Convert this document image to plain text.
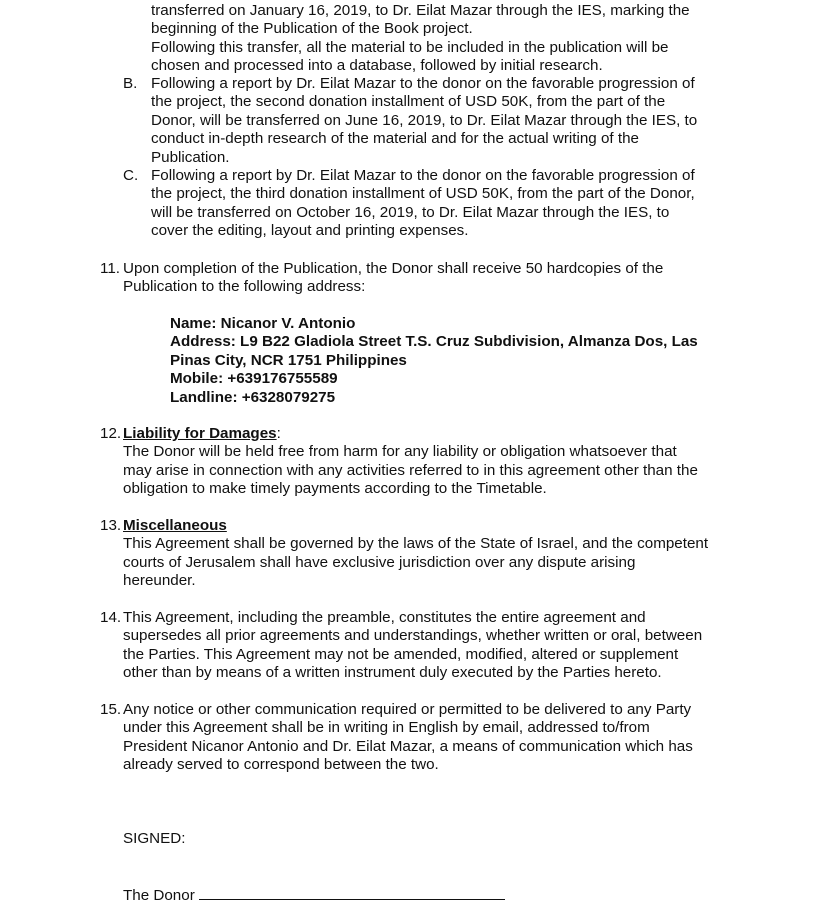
transferred on January 16, 2019, to Dr. Eilat Mazar through the IES, marking the

beginning of the Publication of the Book project.

Following this transfer, all the material to be included in the publication will be

chosen and processed into a database, followed by initial research.

B. Following a report by Dr. Eilat Mazar to the donor on the favorable progression of

the project, the second donation installment of USD 50K, from the part of the

Donor, will be transferred on June 16, 2019, to Dr. Eilat Mazar through the IES, to

conduct in-depth research of the material and for the actual writing of the

Publication.

C. Following a report by Dr. Eilat Mazar to the donor on the favorable progression of

the project, the third donation installment of USD 50K, from the part of the Donor,

will be transferred on October 16, 2019, to Dr. Eilat Mazar through the IES, to

cover the editing, layout and printing expenses.

11. Upon completion of the Publication, the Donor shall receive 50 hardcopies of the

Publication to the following address:

Name: Nicanor V. Antonio

Address: L9 B22 Gladiola Street T.S. Cruz Subdivision, Almanza Dos, Las

Pinas City, NCR 1751 Philippines

Mobile: +639176755589

Landline: +6328079275

12. Liability for Damages:

The Donor will be held free from harm for any liability or obligation whatsoever that

may arise in connection with any activities referred to in this agreement other than the

obligation to make timely payments according to the Timetable.

13. Miscellaneous

This Agreement shall be governed by the laws of the State of Israel, and the competent

courts of Jerusalem shall have exclusive jurisdiction over any dispute arising

hereunder.

14. This Agreement, including the preamble, constitutes the entire agreement and

supersedes all prior agreements and understandings, whether written or oral, between

the Parties. This Agreement may not be amended, modified, altered or supplement

other than by means of a written instrument duly executed by the Parties hereto.

15. Any notice or other communication required or permitted to be delivered to any Party

under this Agreement shall be in writing in English by email, addressed to/from

President Nicanor Antonio and Dr. Eilat Mazar, a means of communication which has

already served to correspond between the two.

SIGNED:
The Donor
